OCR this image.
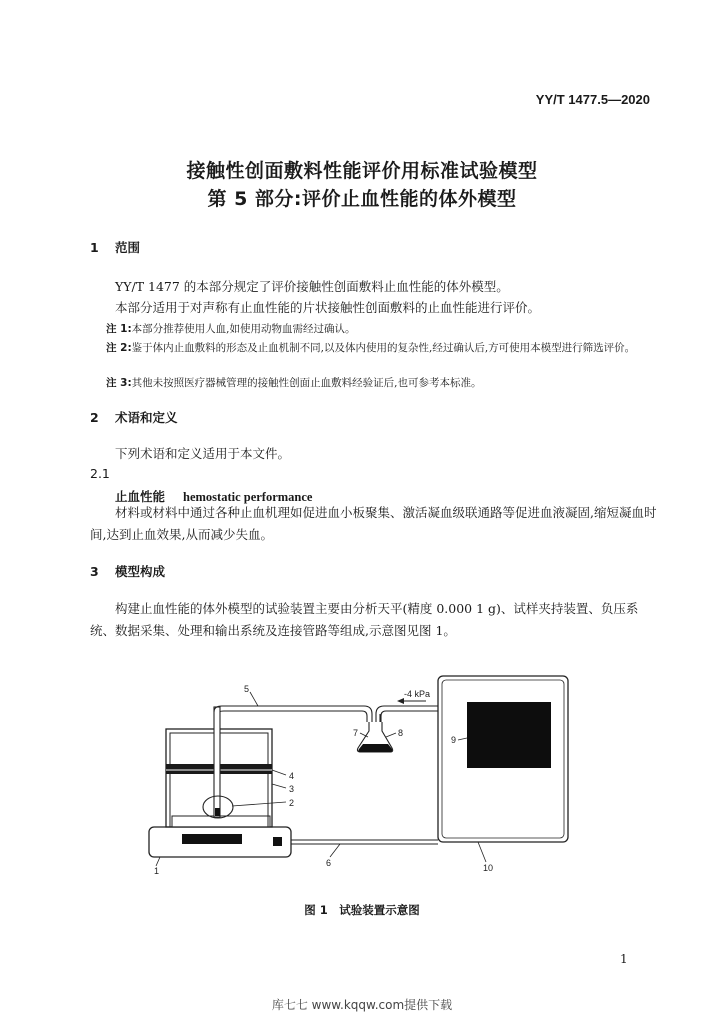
YY/T 1477.5—2020
接触性创面敷料性能评价用标准试验模型
第 5 部分:评价止血性能的体外模型
1 范围

YY/T 1477 的本部分规定了评价接触性创面敷料止血性能的体外模型。

本部分适用于对声称有止血性能的片状接触性创面敷料的止血性能进行评价。

注 1:本部分推荐使用人血,如使用动物血需经过确认。
注 2:鉴于体内止血敷料的形态及止血机制不同,以及体内使用的复杂性,经过确认后,方可使用本模型进行筛选评价。
注 3:其他未按照医疗器械管理的接触性创面止血敷料经验证后,也可参考本标准。
2 术语和定义

下列术语和定义适用于本文件。

2.1
止血性能 hemostatic performance

材料或材料中通过各种止血机理如促进血小板聚集、激活凝血级联通路等促进血液凝固,缩短凝血时间,达到止血效果,从而减少失血。

3 模型构成

构建止血性能的体外模型的试验装置主要由分析天平(精度 0.000 1 g)、试样夹持装置、负压系统、数据采集、处理和输出系统及连接管路等组成,示意图见图 1。

-4 kPa
1
2
3
4
5
6
7	8
9
10
图 1　试验装置示意图
1
库七七 www.kqqw.com提供下载
